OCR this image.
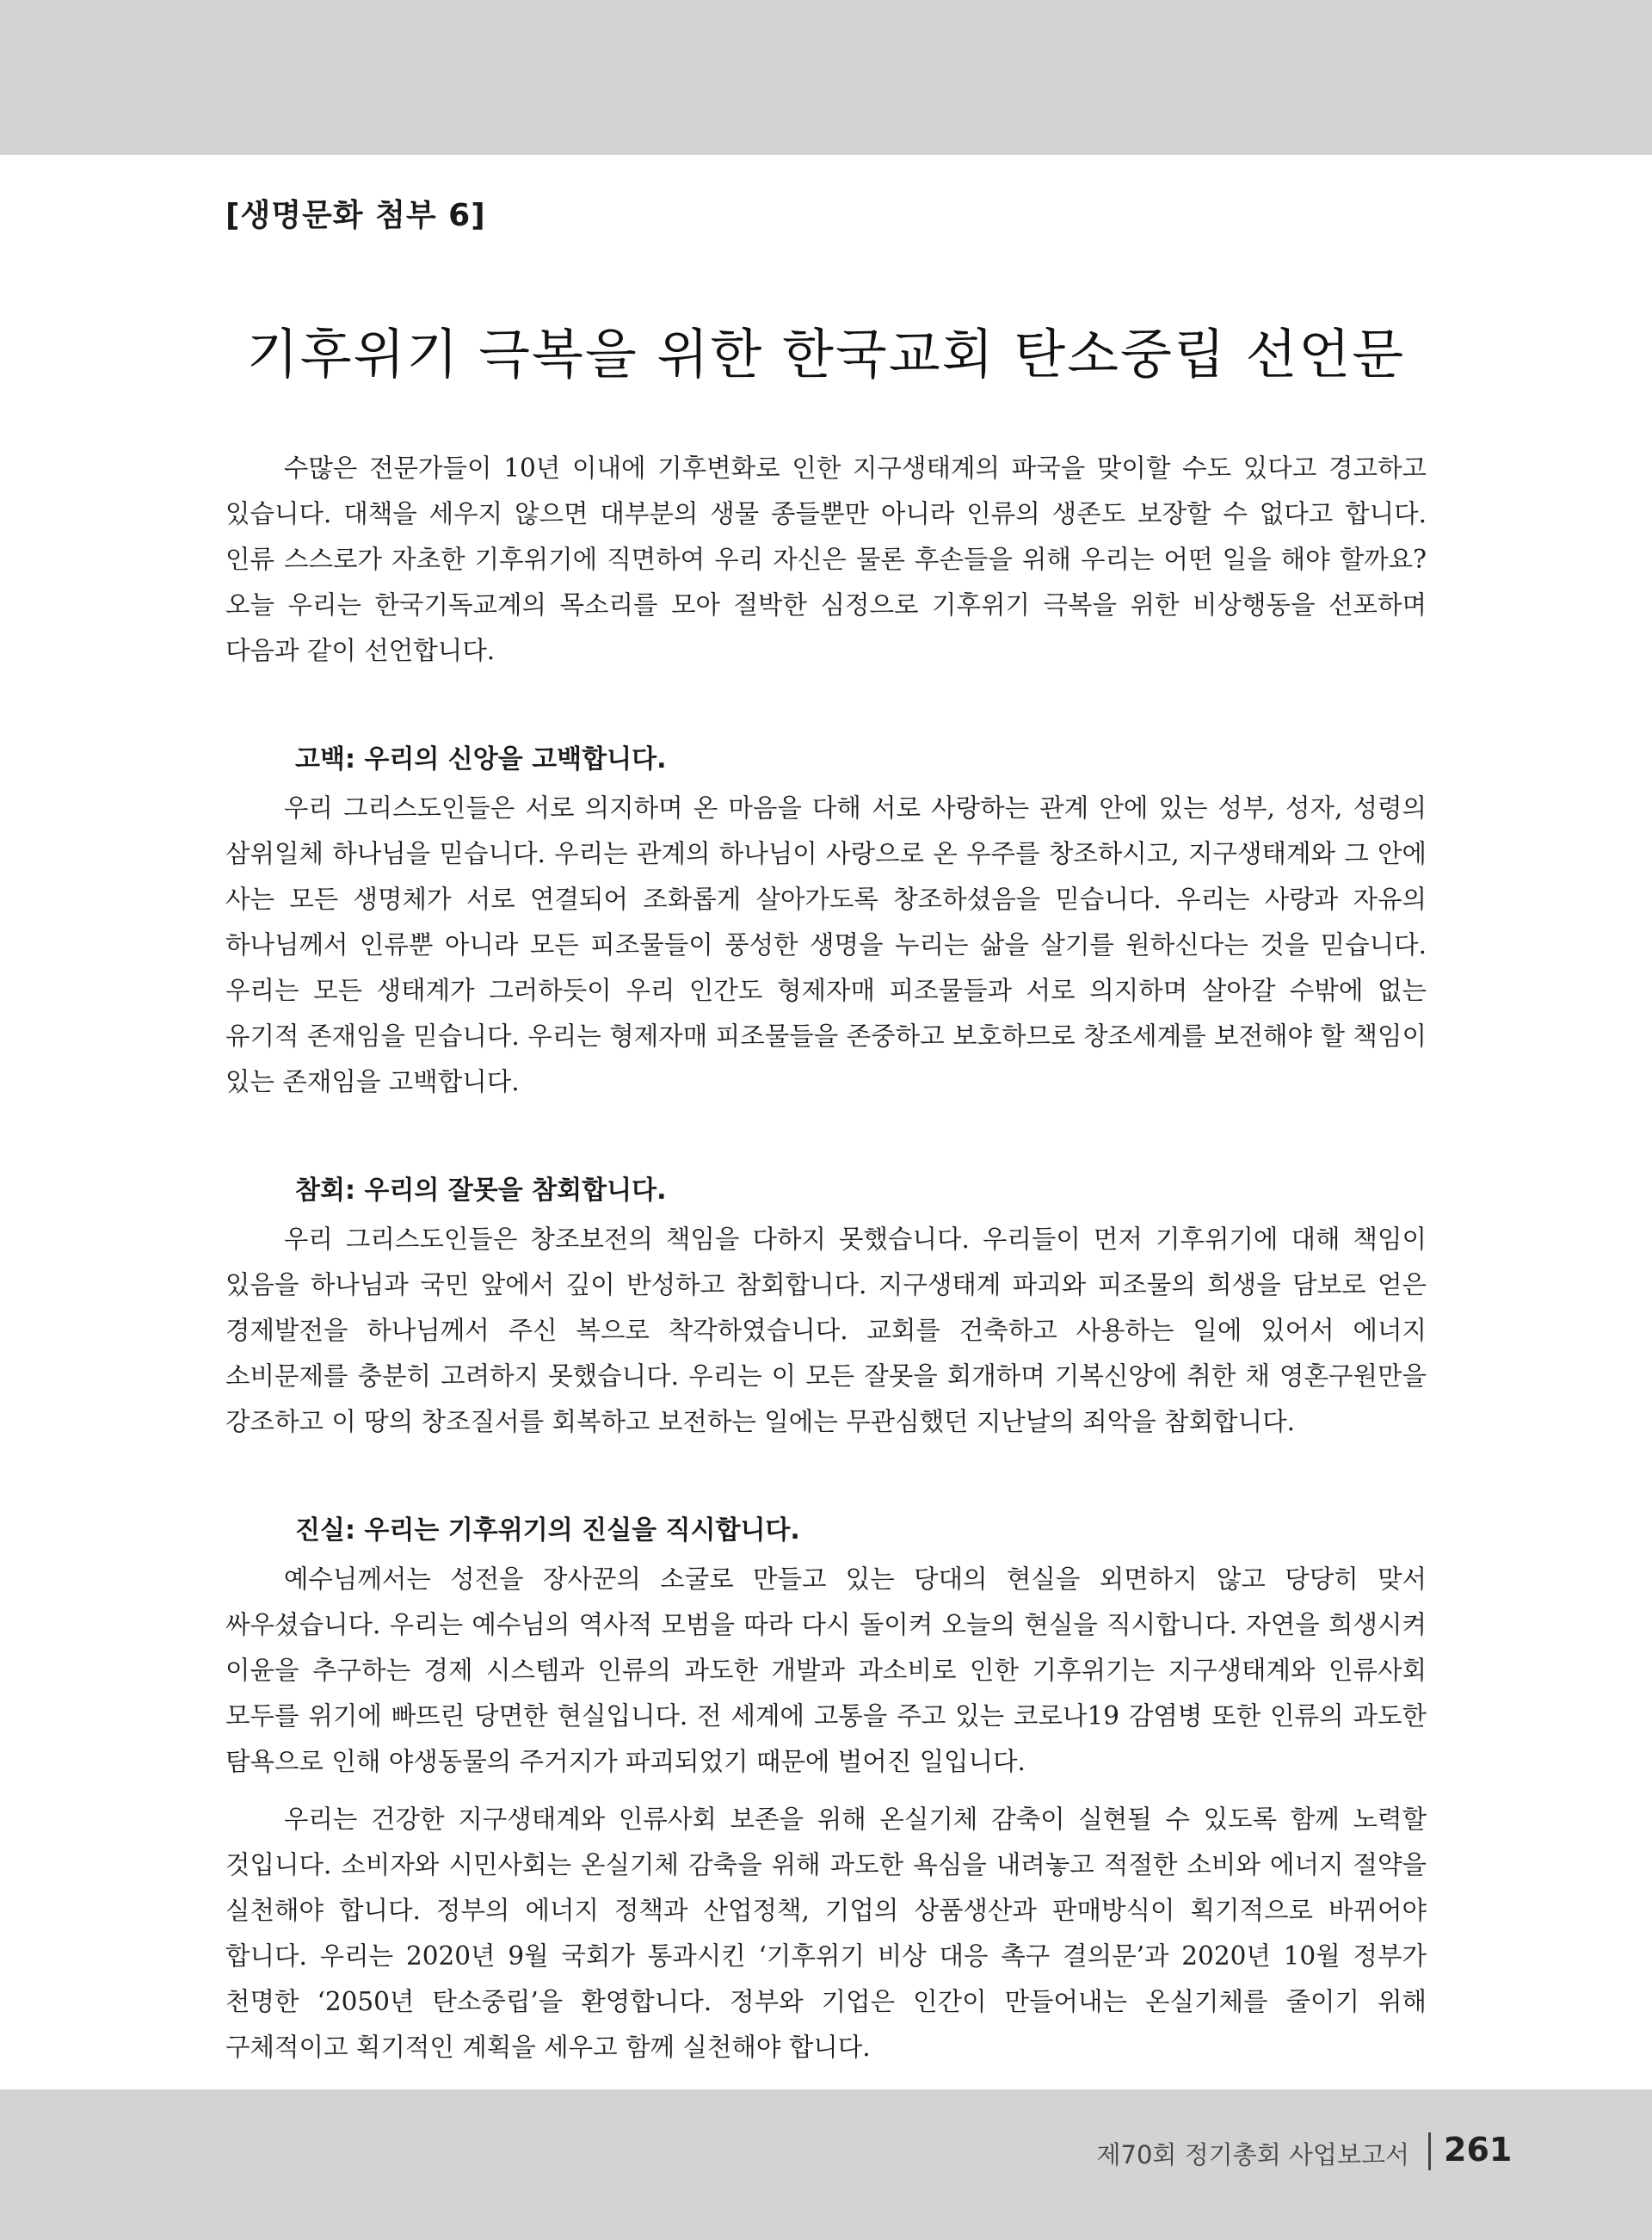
[생명문화 첨부 6]
기후위기 극복을 위한 한국교회 탄소중립 선언문

수많은 전문가들이 10년 이내에 기후변화로 인한 지구생태계의 파국을 맞이할 수도 있다고 경고하고 있습니다. 대책을 세우지 않으면 대부분의 생물 종들뿐만 아니라 인류의 생존도 보장할 수 없다고 합니다. 인류 스스로가 자초한 기후위기에 직면하여 우리 자신은 물론 후손들을 위해 우리는 어떤 일을 해야 할까요? 오늘 우리는 한국기독교계의 목소리를 모아 절박한 심정으로 기후위기 극복을 위한 비상행동을 선포하며 다음과 같이 선언합니다.

고백: 우리의 신앙을 고백합니다.

우리 그리스도인들은 서로 의지하며 온 마음을 다해 서로 사랑하는 관계 안에 있는 성부, 성자, 성령의 삼위일체 하나님을 믿습니다. 우리는 관계의 하나님이 사랑으로 온 우주를 창조하시고, 지구생태계와 그 안에 사는 모든 생명체가 서로 연결되어 조화롭게 살아가도록 창조하셨음을 믿습니다. 우리는 사랑과 자유의 하나님께서 인류뿐 아니라 모든 피조물들이 풍성한 생명을 누리는 삶을 살기를 원하신다는 것을 믿습니다. 우리는 모든 생태계가 그러하듯이 우리 인간도 형제자매 피조물들과 서로 의지하며 살아갈 수밖에 없는 유기적 존재임을 믿습니다. 우리는 형제자매 피조물들을 존중하고 보호하므로 창조세계를 보전해야 할 책임이 있는 존재임을 고백합니다.

참회: 우리의 잘못을 참회합니다.

우리 그리스도인들은 창조보전의 책임을 다하지 못했습니다. 우리들이 먼저 기후위기에 대해 책임이 있음을 하나님과 국민 앞에서 깊이 반성하고 참회합니다. 지구생태계 파괴와 피조물의 희생을 담보로 얻은 경제발전을 하나님께서 주신 복으로 착각하였습니다. 교회를 건축하고 사용하는 일에 있어서 에너지 소비문제를 충분히 고려하지 못했습니다. 우리는 이 모든 잘못을 회개하며 기복신앙에 취한 채 영혼구원만을 강조하고 이 땅의 창조질서를 회복하고 보전하는 일에는 무관심했던 지난날의 죄악을 참회합니다.

진실: 우리는 기후위기의 진실을 직시합니다.

예수님께서는 성전을 장사꾼의 소굴로 만들고 있는 당대의 현실을 외면하지 않고 당당히 맞서 싸우셨습니다. 우리는 예수님의 역사적 모범을 따라 다시 돌이켜 오늘의 현실을 직시합니다. 자연을 희생시켜 이윤을 추구하는 경제 시스템과 인류의 과도한 개발과 과소비로 인한 기후위기는 지구생태계와 인류사회 모두를 위기에 빠뜨린 당면한 현실입니다. 전 세계에 고통을 주고 있는 코로나19 감염병 또한 인류의 과도한 탐욕으로 인해 야생동물의 주거지가 파괴되었기 때문에 벌어진 일입니다.

우리는 건강한 지구생태계와 인류사회 보존을 위해 온실기체 감축이 실현될 수 있도록 함께 노력할 것입니다. 소비자와 시민사회는 온실기체 감축을 위해 과도한 욕심을 내려놓고 적절한 소비와 에너지 절약을 실천해야 합니다. 정부의 에너지 정책과 산업정책, 기업의 상품생산과 판매방식이 획기적으로 바뀌어야 합니다. 우리는 2020년 9월 국회가 통과시킨 ‘기후위기 비상 대응 촉구 결의문’과 2020년 10월 정부가 천명한 ‘2050년 탄소중립’을 환영합니다. 정부와 기업은 인간이 만들어내는 온실기체를 줄이기 위해 구체적이고 획기적인 계획을 세우고 함께 실천해야 합니다.

제70회 정기총회 사업보고서 261
